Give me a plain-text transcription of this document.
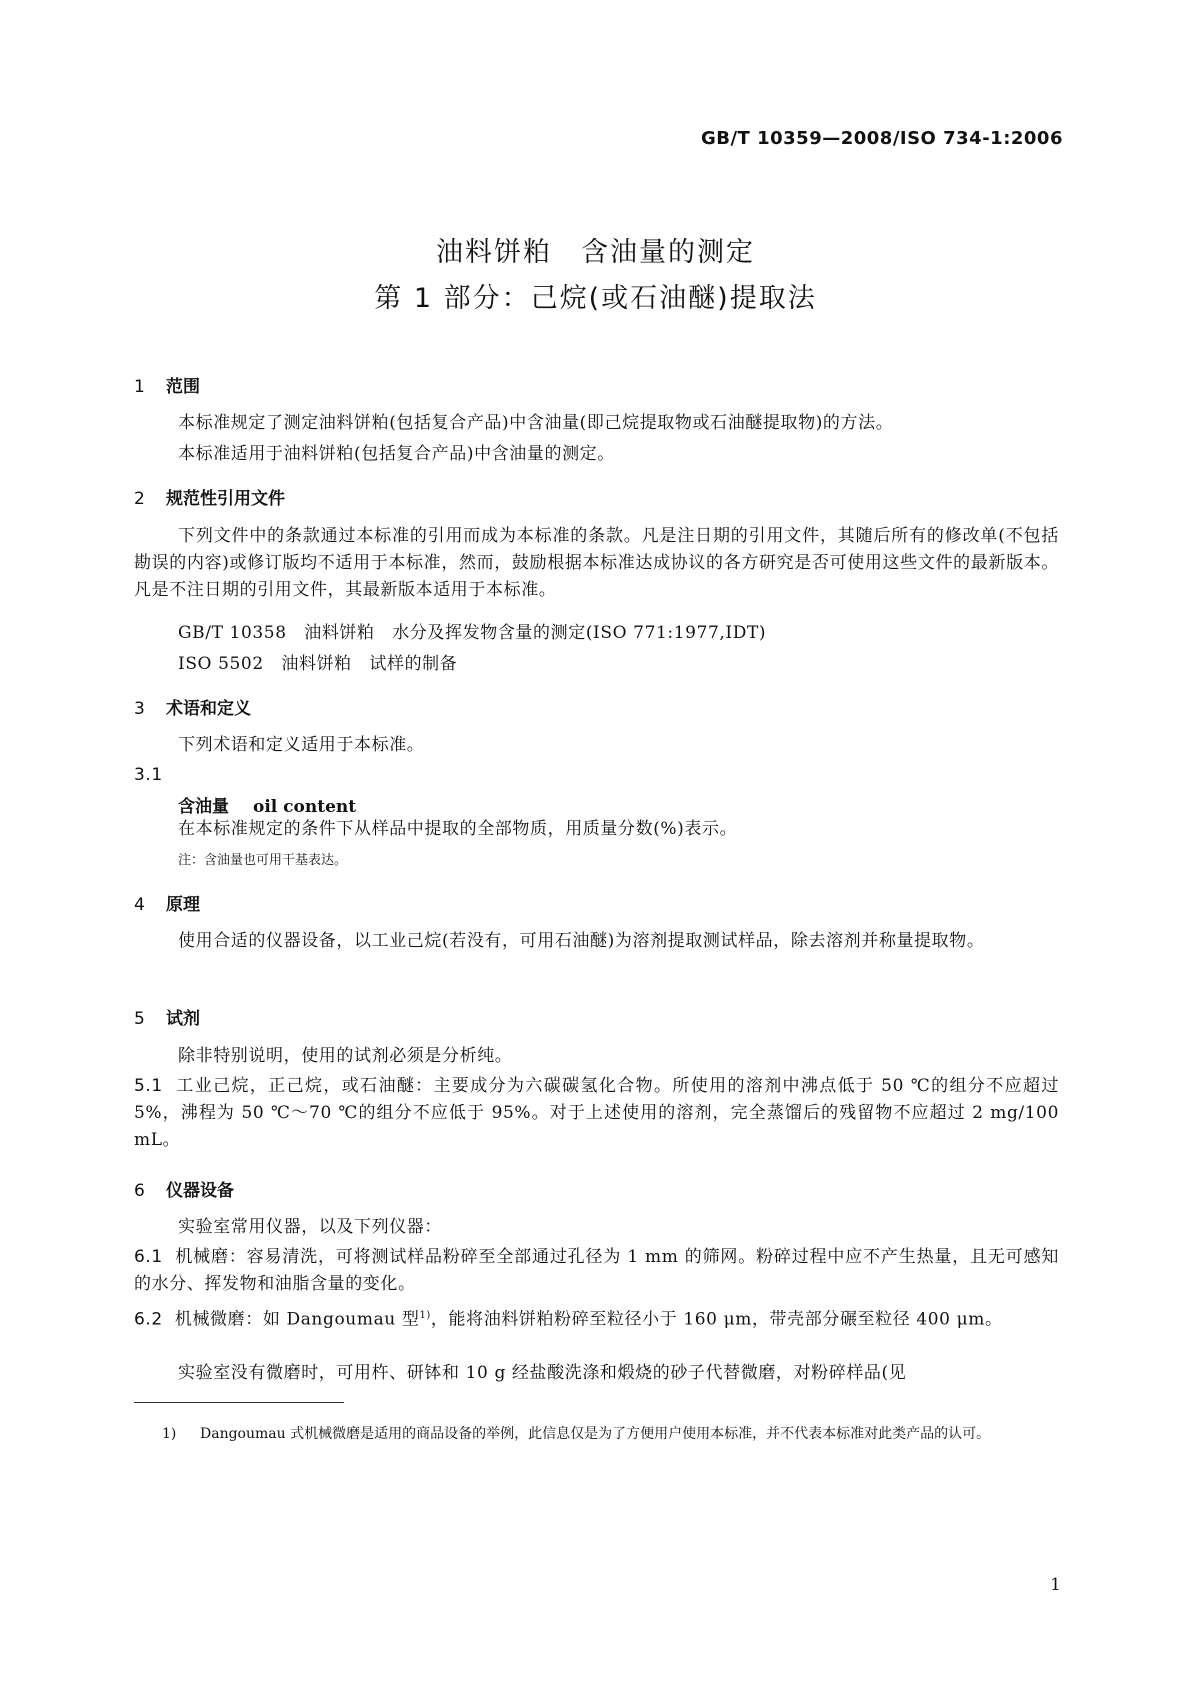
GB/T 10359—2008/ISO 734-1:2006
油料饼粕　含油量的测定
第 1 部分：己烷(或石油醚)提取法
1 范围
本标准规定了测定油料饼粕(包括复合产品)中含油量(即己烷提取物或石油醚提取物)的方法。
本标准适用于油料饼粕(包括复合产品)中含油量的测定。
2 规范性引用文件
下列文件中的条款通过本标准的引用而成为本标准的条款。凡是注日期的引用文件，其随后所有的修改单(不包括勘误的内容)或修订版均不适用于本标准，然而，鼓励根据本标准达成协议的各方研究是否可使用这些文件的最新版本。凡是不注日期的引用文件，其最新版本适用于本标准。
GB/T 10358　油料饼粕　水分及挥发物含量的测定(ISO 771:1977,IDT)
ISO 5502　油料饼粕　试样的制备
3 术语和定义
下列术语和定义适用于本标准。
3.1
含油量 oil content
在本标准规定的条件下从样品中提取的全部物质，用质量分数(%)表示。
注：含油量也可用干基表达。
4 原理
使用合适的仪器设备，以工业己烷(若没有，可用石油醚)为溶剂提取测试样品，除去溶剂并称量提取物。
5 试剂
除非特别说明，使用的试剂必须是分析纯。
5.1 工业己烷，正己烷，或石油醚：主要成分为六碳碳氢化合物。所使用的溶剂中沸点低于 50 ℃的组分不应超过 5%，沸程为 50 ℃～70 ℃的组分不应低于 95%。对于上述使用的溶剂，完全蒸馏后的残留物不应超过 2 mg/100 mL。
6 仪器设备
实验室常用仪器，以及下列仪器：
6.1 机械磨：容易清洗，可将测试样品粉碎至全部通过孔径为 1 mm 的筛网。粉碎过程中应不产生热量，且无可感知的水分、挥发物和油脂含量的变化。
6.2 机械微磨：如 Dangoumau 型$^{1)}$，能将油料饼粕粉碎至粒径小于 160 μm，带壳部分碾至粒径 400 μm。
实验室没有微磨时，可用杵、研钵和 10 g 经盐酸洗涤和煅烧的砂子代替微磨，对粉碎样品(见
1) Dangoumau 式机械微磨是适用的商品设备的举例，此信息仅是为了方便用户使用本标准，并不代表本标准对此类产品的认可。
1
